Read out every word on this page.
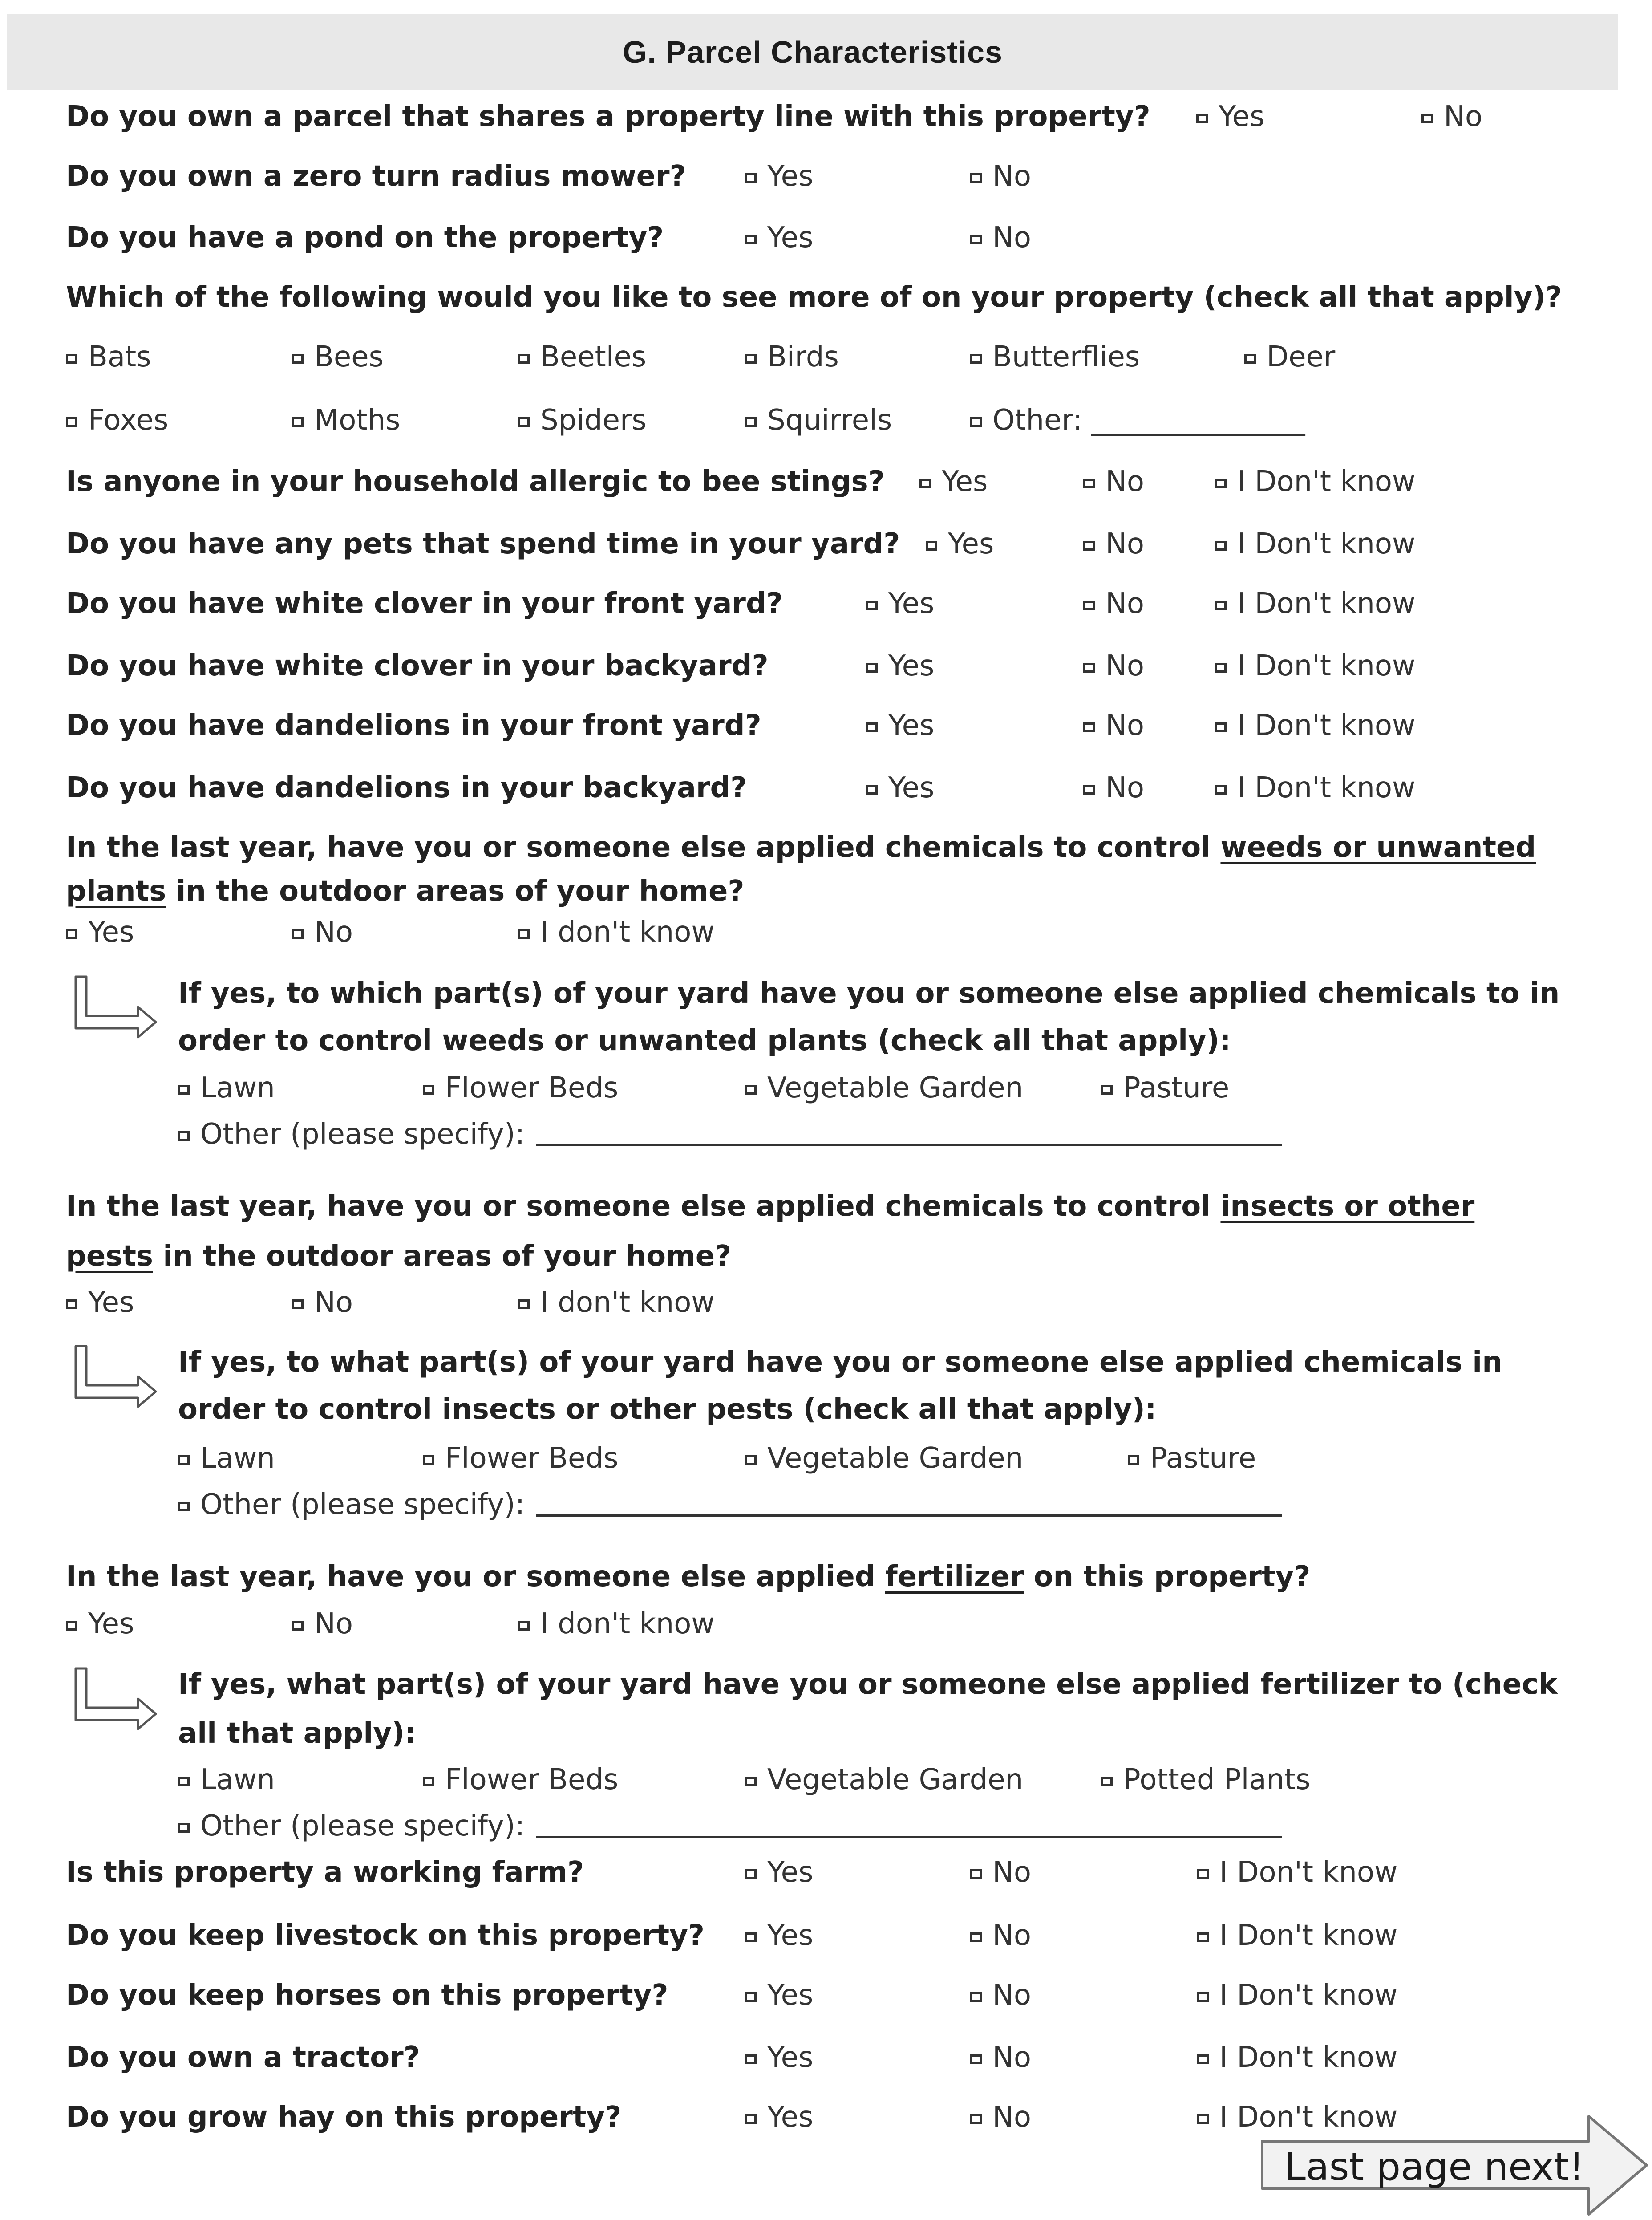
G. Parcel Characteristics
Do you own a parcel that shares a property line with this property? Yes	No
Do you own a zero turn radius mower?	Yes	No
Do you have a pond on the property?	Yes	No
Which of the following would you like to see more of on your property (check all that apply)?
Bats	Bees	Beetles	Birds	Butterflies	Deer
Foxes	Moths	Spiders	Squirrels	Other: _______________
Is anyone in your household allergic to bee stings? Yes	No	I Don't know
Do you have any pets that spend time in your yard? Yes	No	I Don't know
Do you have white clover in your front yard?	Yes	No	I Don't know
Do you have white clover in your backyard?	Yes	No	I Don't know
Do you have dandelions in your front yard?	Yes	No	I Don't know
Do you have dandelions in your backyard?	Yes	No	I Don't know
In the last year, have you or someone else applied chemicals to control weeds or unwanted
plants in the outdoor areas of your home?
Yes	No	I don't know
If yes, to which part(s) of your yard have you or someone else applied chemicals to in
order to control weeds or unwanted plants (check all that apply):
Lawn	Flower Beds	Vegetable Garden	Pasture
Other (please specify):
In the last year, have you or someone else applied chemicals to control insects or other
pests in the outdoor areas of your home?
Yes	No	I don't know
If yes, to what part(s) of your yard have you or someone else applied chemicals in
order to control insects or other pests (check all that apply):
Lawn	Flower Beds	Vegetable Garden	Pasture
Other (please specify):
In the last year, have you or someone else applied fertilizer on this property?
Yes	No	I don't know
If yes, what part(s) of your yard have you or someone else applied fertilizer to (check
all that apply):
Lawn	Flower Beds	Vegetable Garden	Potted Plants
Other (please specify):
Is this property a working farm?	Yes	No	I Don't know
Do you keep livestock on this property? Yes	No	I Don't know
Do you keep horses on this property?	Yes	No	I Don't know
Do you own a tractor?	Yes	No	I Don't know
Do you grow hay on this property?	Yes	No	I Don't know
Last page next!
